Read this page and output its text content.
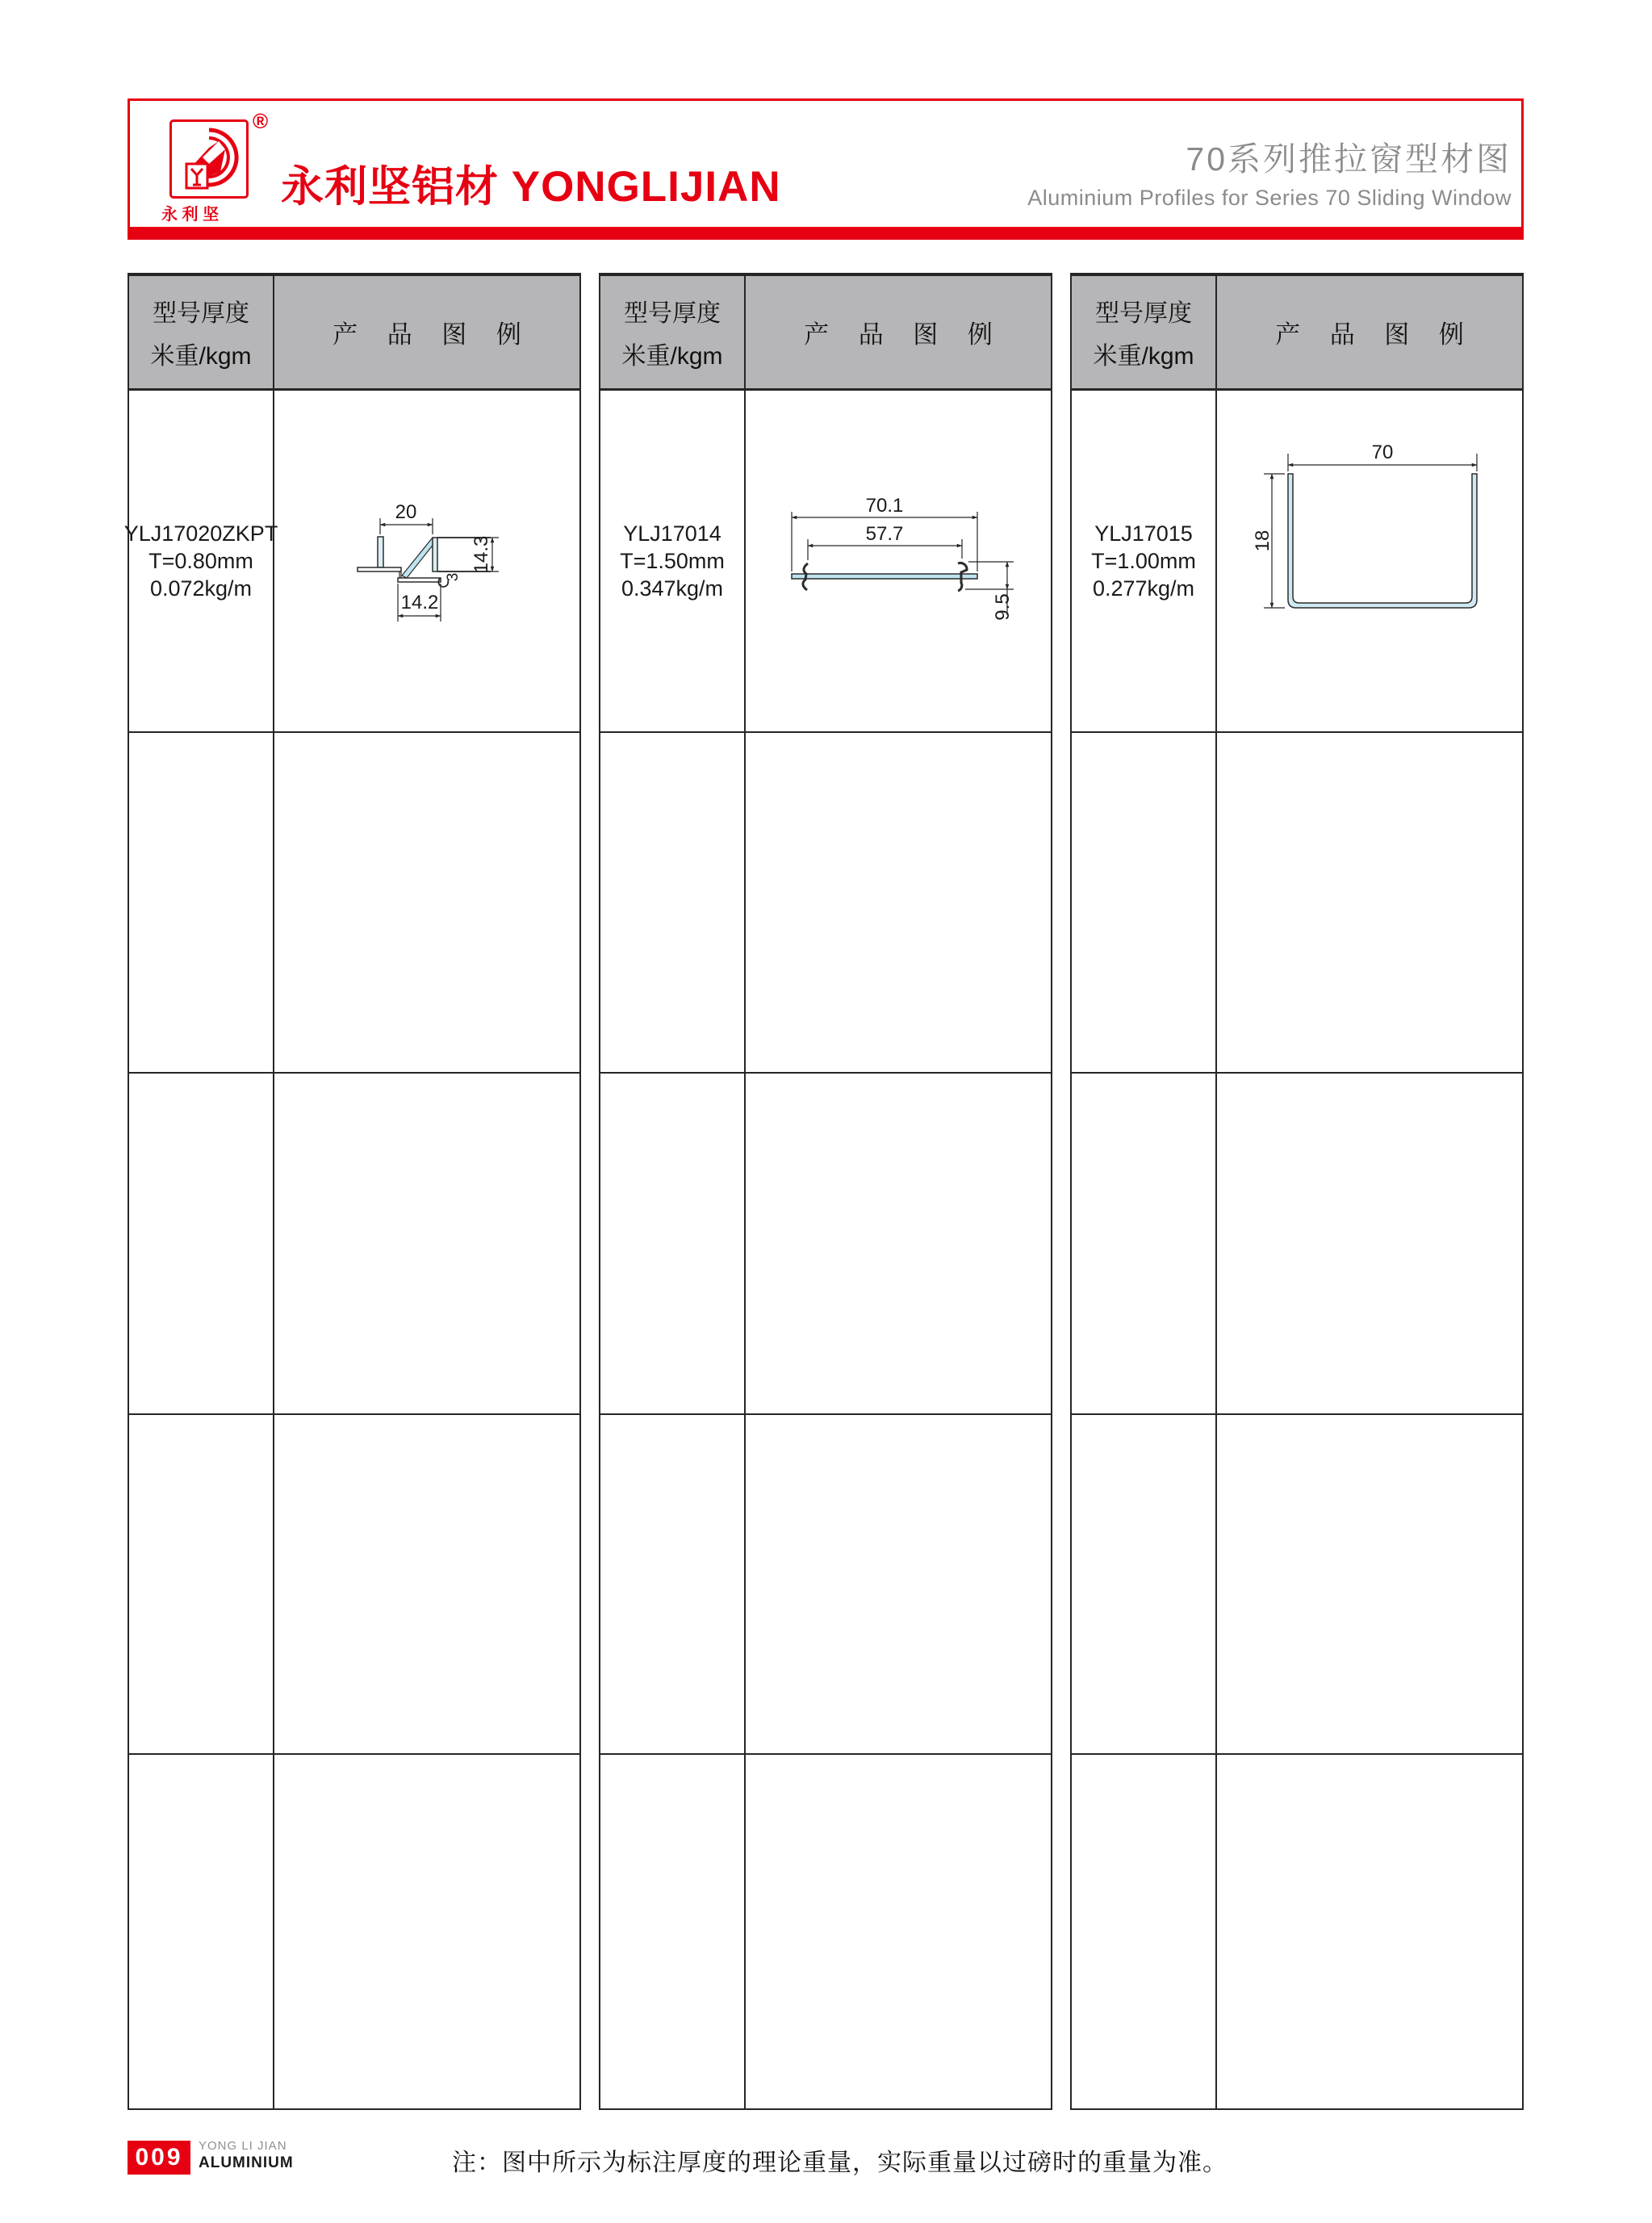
®
永 利 坚
永利坚铝材 YONGLIJIAN
70系列推拉窗型材图
Aluminium Profiles for Series 70 Sliding Window
型号厚度
米重/kgm
产 品 图 例
YLJ17020ZKPT
T=0.80mm
0.072kg/m
20
14.3
3
14.2
型号厚度
米重/kgm
产 品 图 例
YLJ17014
T=1.50mm
0.347kg/m
70.1
57.7
9.5
型号厚度
米重/kgm
产 品 图 例
YLJ17015
T=1.00mm
0.277kg/m
70
18
009	YONG LI JIAN
ALUMINIUM	注：图中所示为标注厚度的理论重量，实际重量以过磅时的重量为准。
